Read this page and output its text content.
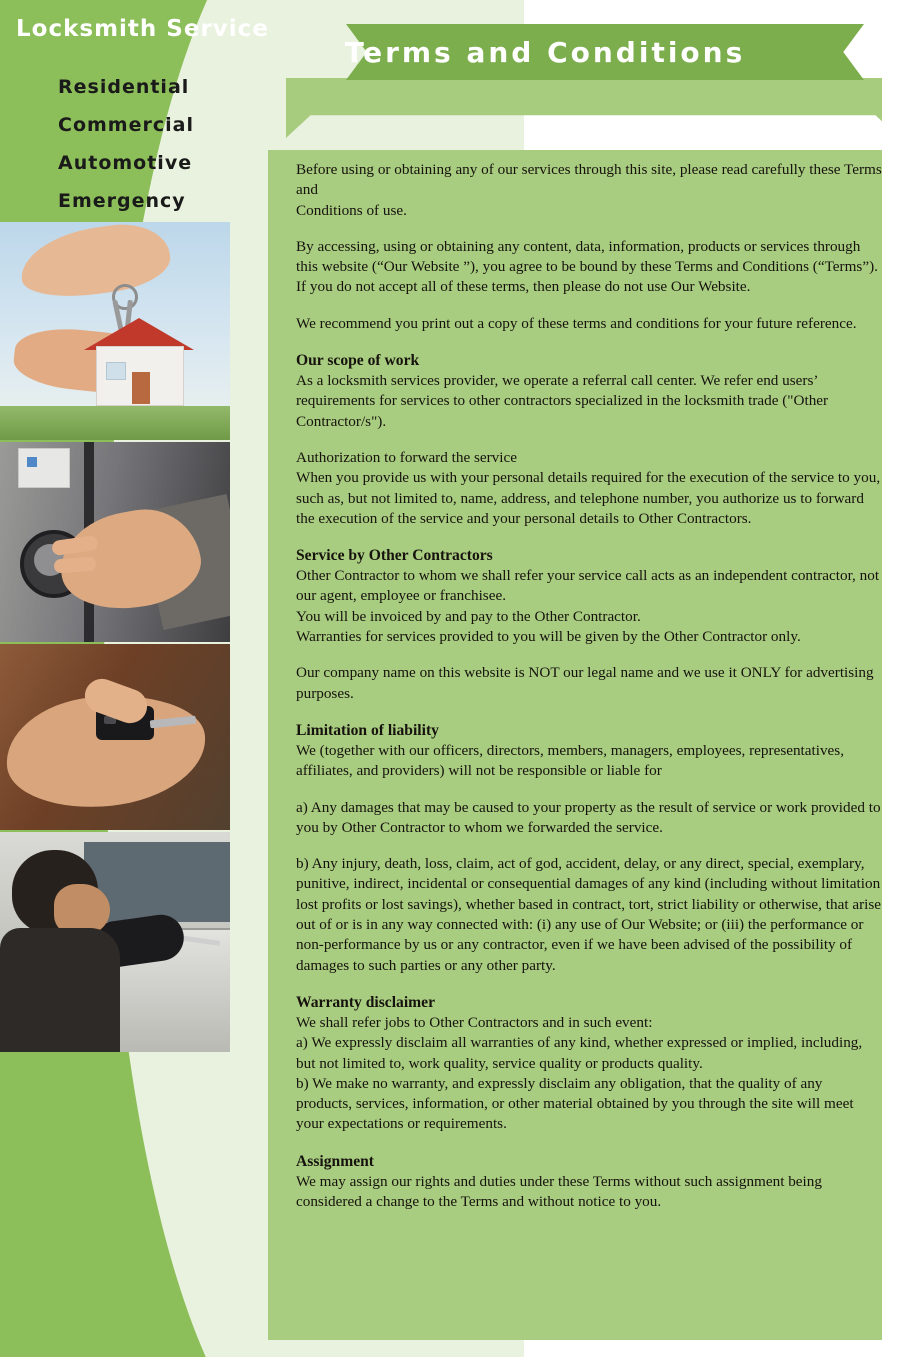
Locksmith Service
Residential
Commercial
Automotive
Emergency
Terms and Conditions

Before using or obtaining any of our services through this site, please read carefully these Terms and

Conditions of use.

By accessing, using or obtaining any content, data, information, products or services through this website (“Our Website ”), you agree to be bound by these Terms and Conditions (“Terms”). If you do not accept all of these terms, then please do not use Our Website.

We recommend you print out a copy of these terms and conditions for your future reference.

Our scope of work

As a locksmith services provider, we operate a referral call center. We refer end users’ requirements for services to other contractors specialized in the locksmith trade ("Other Contractor/s").

Authorization to forward the service

When you provide us with your personal details required for the execution of the service to you, such as, but not limited to, name, address, and telephone number, you authorize us to forward the execution of the service and your personal details to Other Contractors.

Service by Other Contractors

Other Contractor to whom we shall refer your service call acts as an independent contractor, not our agent, employee or franchisee.

You will be invoiced by and pay to the Other Contractor.

Warranties for services provided to you will be given by the Other Contractor only.

Our company name on this website is NOT our legal name and we use it ONLY for advertising purposes.

Limitation of liability

We (together with our officers, directors, members, managers, employees, representatives, affiliates, and providers) will not be responsible or liable for

a) Any damages that may be caused to your property as the result of service or work provided to you by Other Contractor to whom we forwarded the service.

b) Any injury, death, loss, claim, act of god, accident, delay, or any direct, special, exemplary, punitive, indirect, incidental or consequential damages of any kind (including without limitation lost profits or lost savings), whether based in contract, tort, strict liability or otherwise, that arise out of or is in any way connected with: (i) any use of Our Website; or (iii) the performance or non-performance by us or any contractor, even if we have been advised of the possibility of damages to such parties or any other party.

Warranty disclaimer

We shall refer jobs to Other Contractors and in such event:

a) We expressly disclaim all warranties of any kind, whether expressed or implied, including, but not limited to, work quality, service quality or products quality.

b) We make no warranty, and expressly disclaim any obligation, that the quality of any products, services, information, or other material obtained by you through the site will meet your expectations or requirements.

Assignment

We may assign our rights and duties under these Terms without such assignment being considered a change to the Terms and without notice to you.
